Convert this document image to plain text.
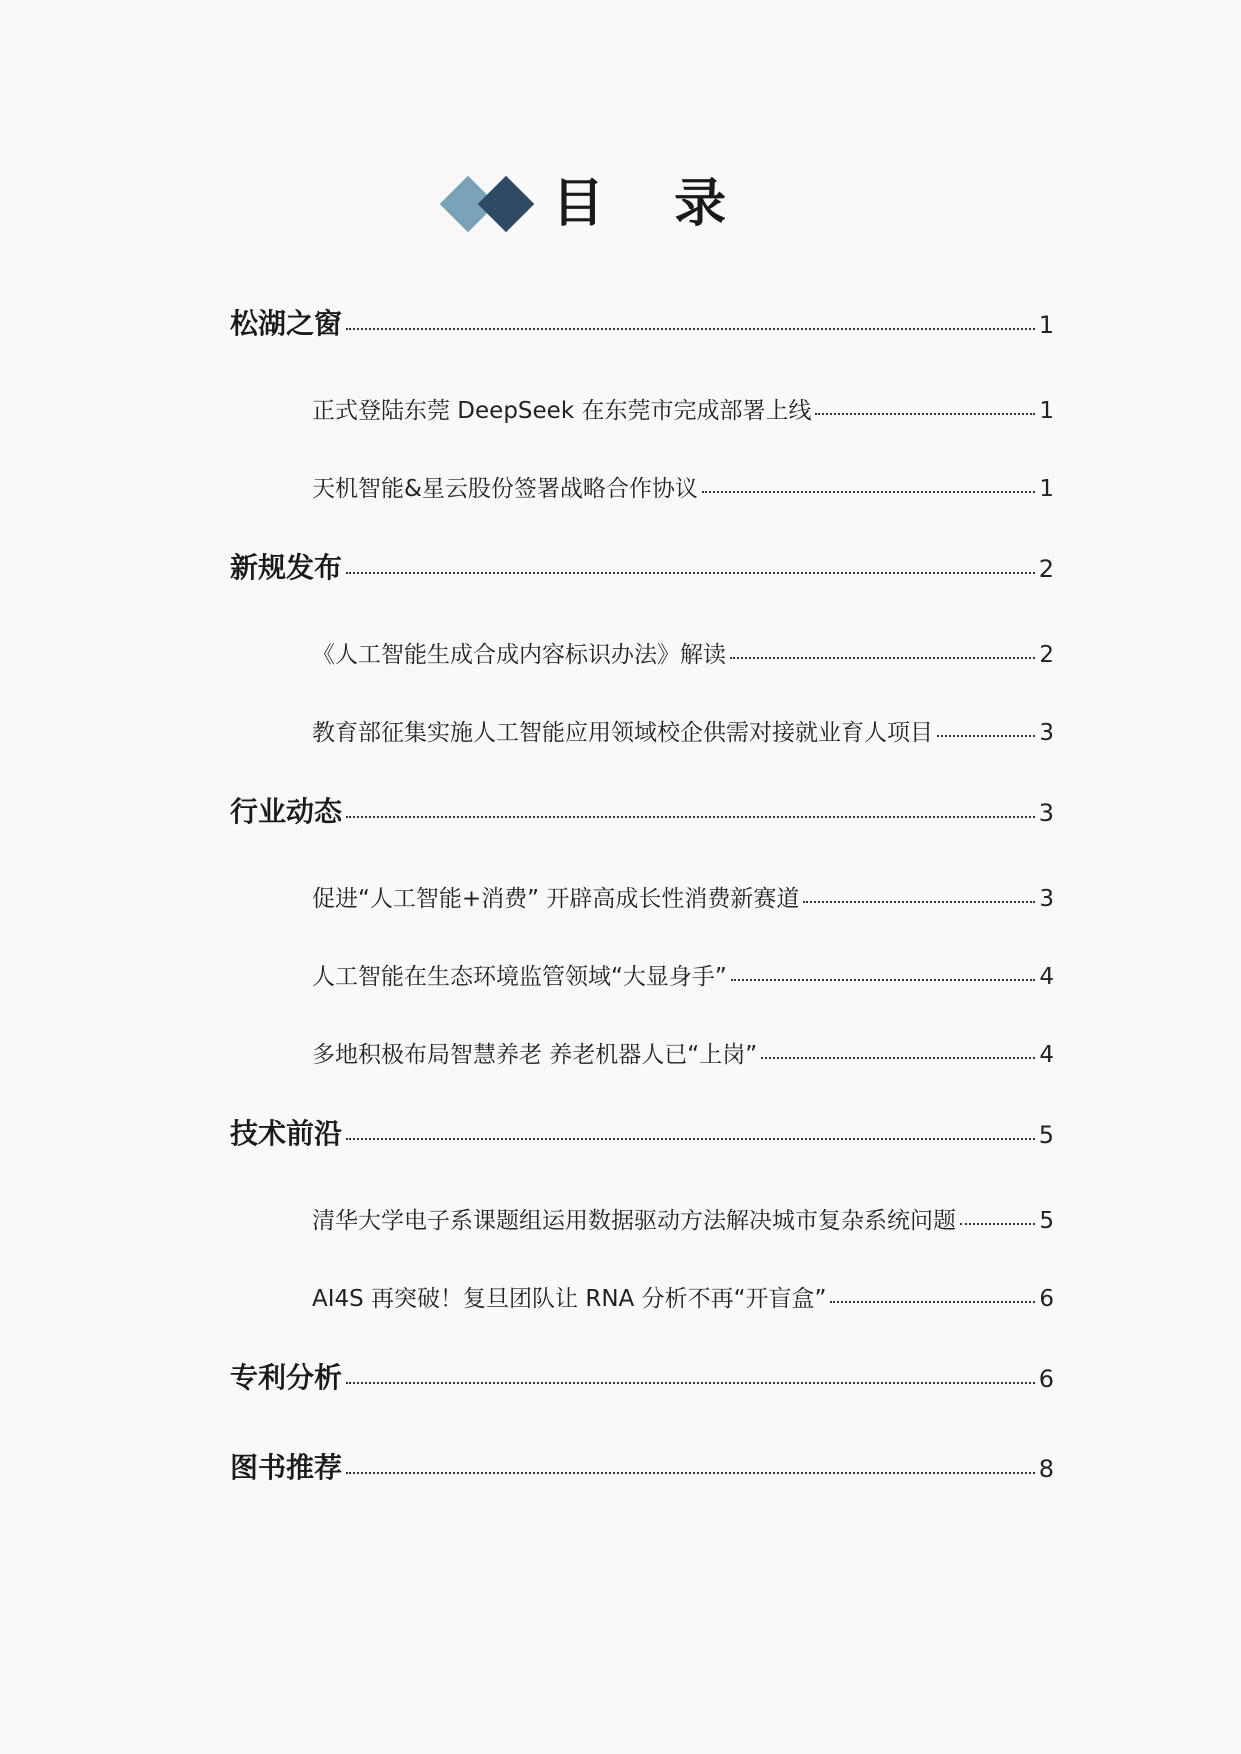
目 录
松湖之窗	1
正式登陆东莞 DeepSeek 在东莞市完成部署上线	1
天机智能&星云股份签署战略合作协议	1
新规发布	2
《人工智能生成合成内容标识办法》解读	2
教育部征集实施人工智能应用领域校企供需对接就业育人项目	3
行业动态	3
促进“人工智能+消费” 开辟高成长性消费新赛道	3
人工智能在生态环境监管领域“大显身手”	4
多地积极布局智慧养老 养老机器人已“上岗”	4
技术前沿	5
清华大学电子系课题组运用数据驱动方法解决城市复杂系统问题	5
AI4S 再突破！复旦团队让 RNA 分析不再“开盲盒”	6
专利分析	6
图书推荐	8
